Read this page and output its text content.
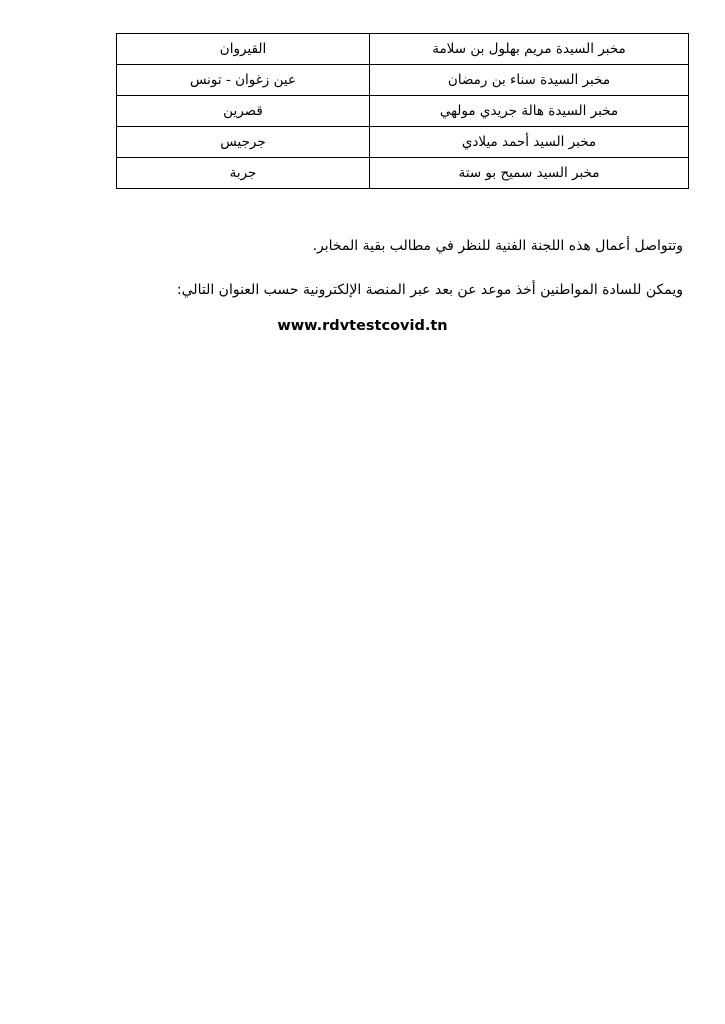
مخبر السيدة مريم بهلول بن سلامة	القيروان
مخبر السيدة سناء بن رمضان	عين زغوان - تونس
مخبر السيدة هالة جريدي مولهي	قصرين
مخبر السيد أحمد ميلادي	جرجيس
مخبر السيد سميح بو ستة	جربة

وتتواصل أعمال هذه اللجنة الفنية للنظر في مطالب بقية المخابر.

ويمكن للسادة المواطنين أخذ موعد عن بعد عبر المنصة الإلكترونية حسب العنوان التالي:

www.rdvtestcovid.tn
